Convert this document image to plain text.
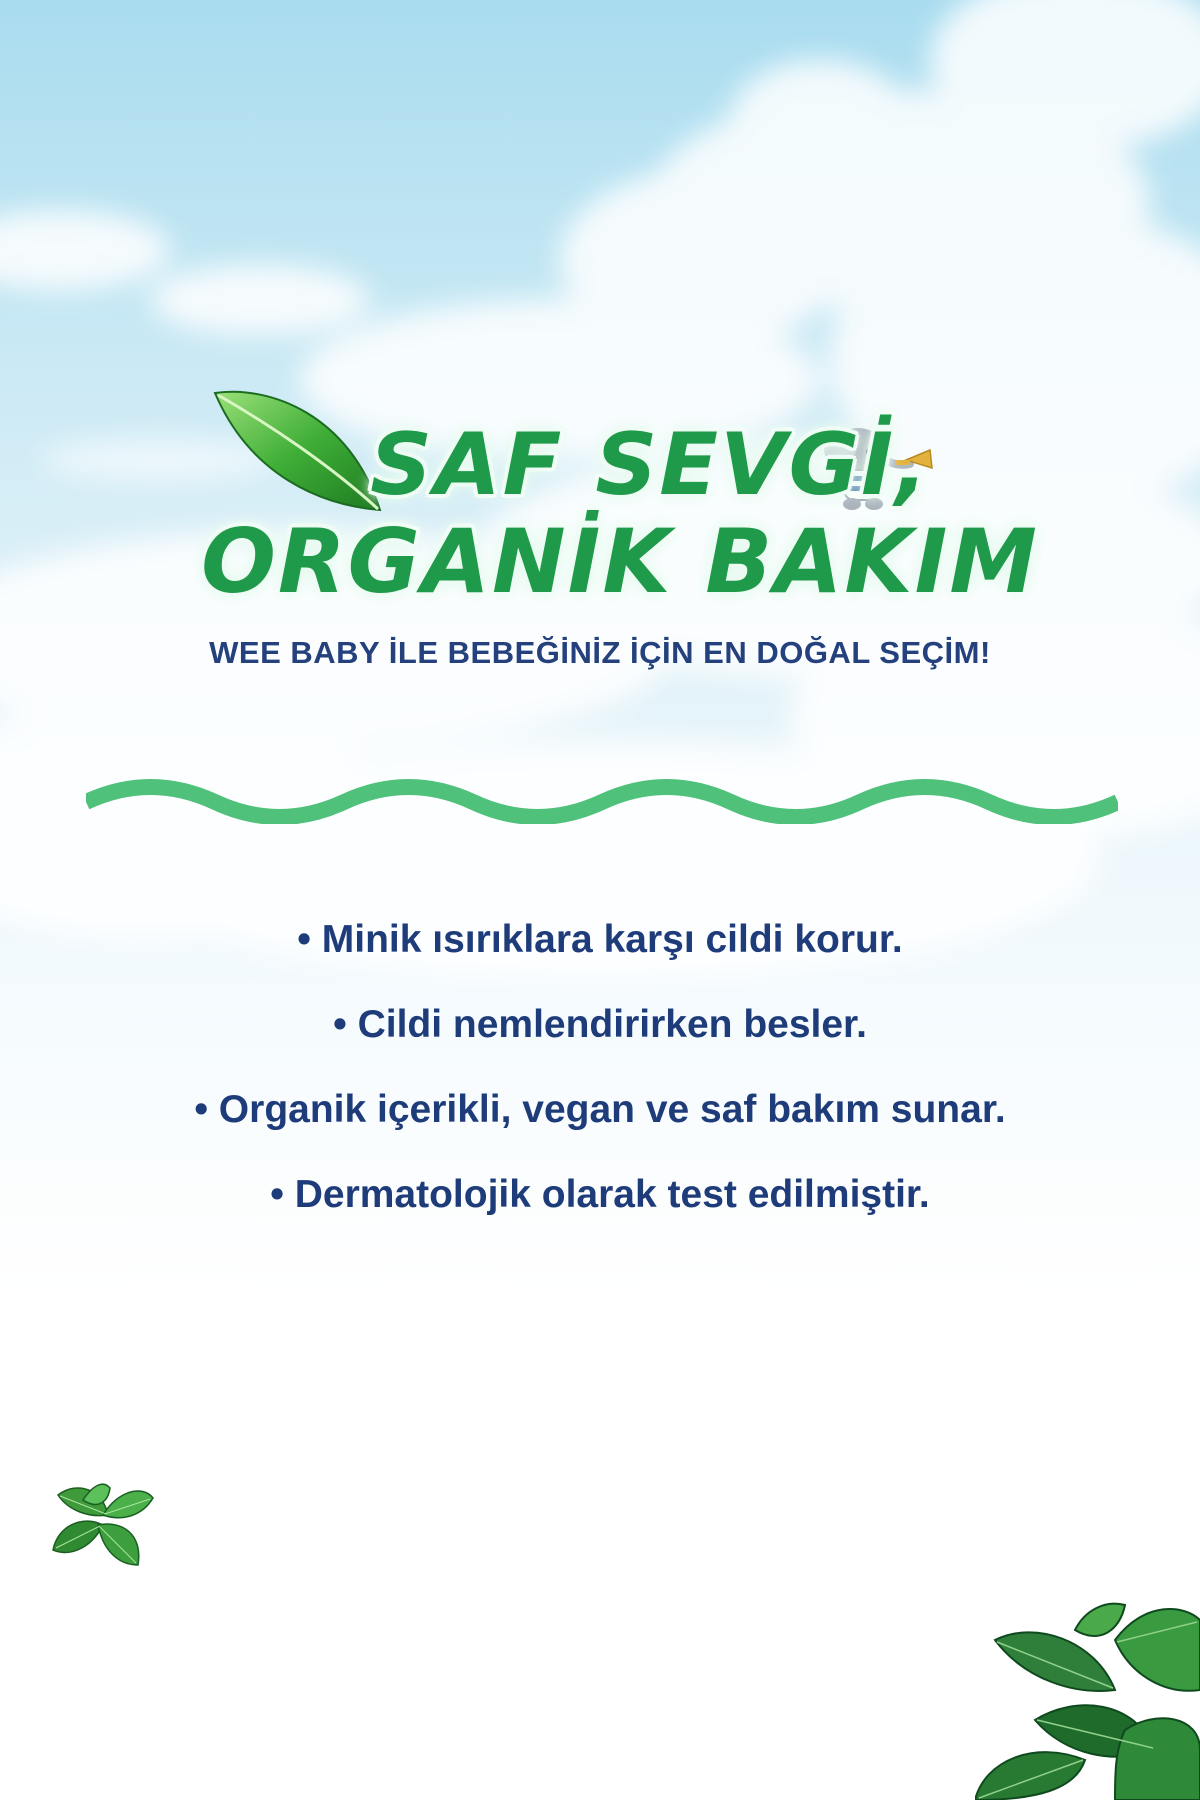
SAF SEVGİ,
ORGANİK BAKIM
WEE BABY İLE BEBEĞİNİZ İÇİN EN DOĞAL SEÇİM!
• Minik ısırıklara karşı cildi korur.
• Cildi nemlendirirken besler.
• Organik içerikli, vegan ve saf bakım sunar.
• Dermatolojik olarak test edilmiştir.
